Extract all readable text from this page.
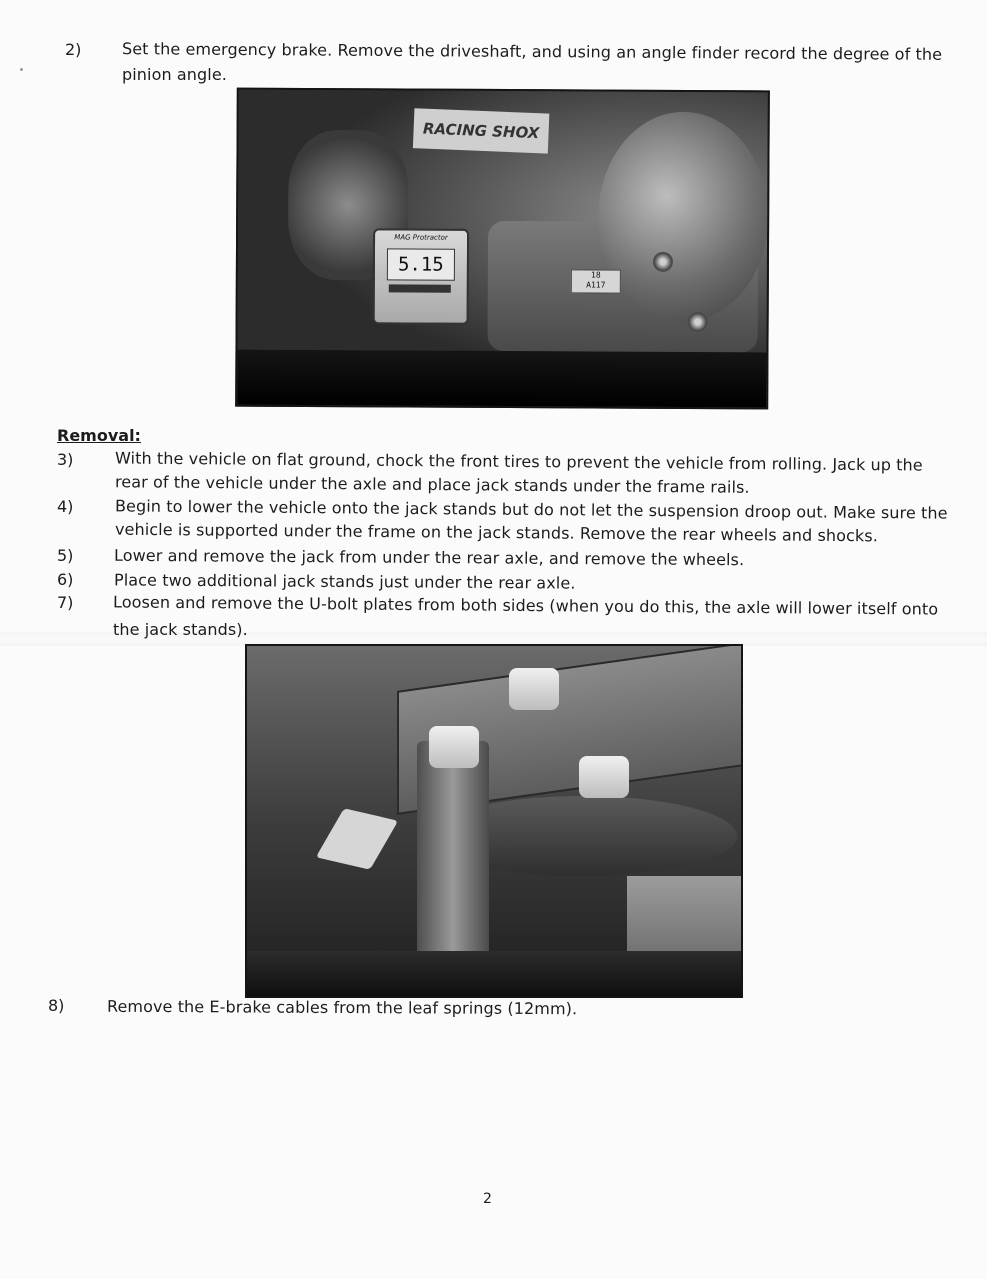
2)	Set the emergency brake. Remove the driveshaft, and using an angle finder record the degree of the
pinion angle.
RACING SHOX
MAG Protractor
5.15	18
A117
Removal:
3)	With the vehicle on flat ground, chock the front tires to prevent the vehicle from rolling. Jack up the
rear of the vehicle under the axle and place jack stands under the frame rails.
4)	Begin to lower the vehicle onto the jack stands but do not let the suspension droop out. Make sure the
vehicle is supported under the frame on the jack stands. Remove the rear wheels and shocks.
5)	Lower and remove the jack from under the rear axle, and remove the wheels.
6)	Place two additional jack stands just under the rear axle.
7) Loosen and remove the U-bolt plates from both sides (when you do this, the axle will lower itself onto
the jack stands).
8)	Remove the E-brake cables from the leaf springs (12mm).
2
